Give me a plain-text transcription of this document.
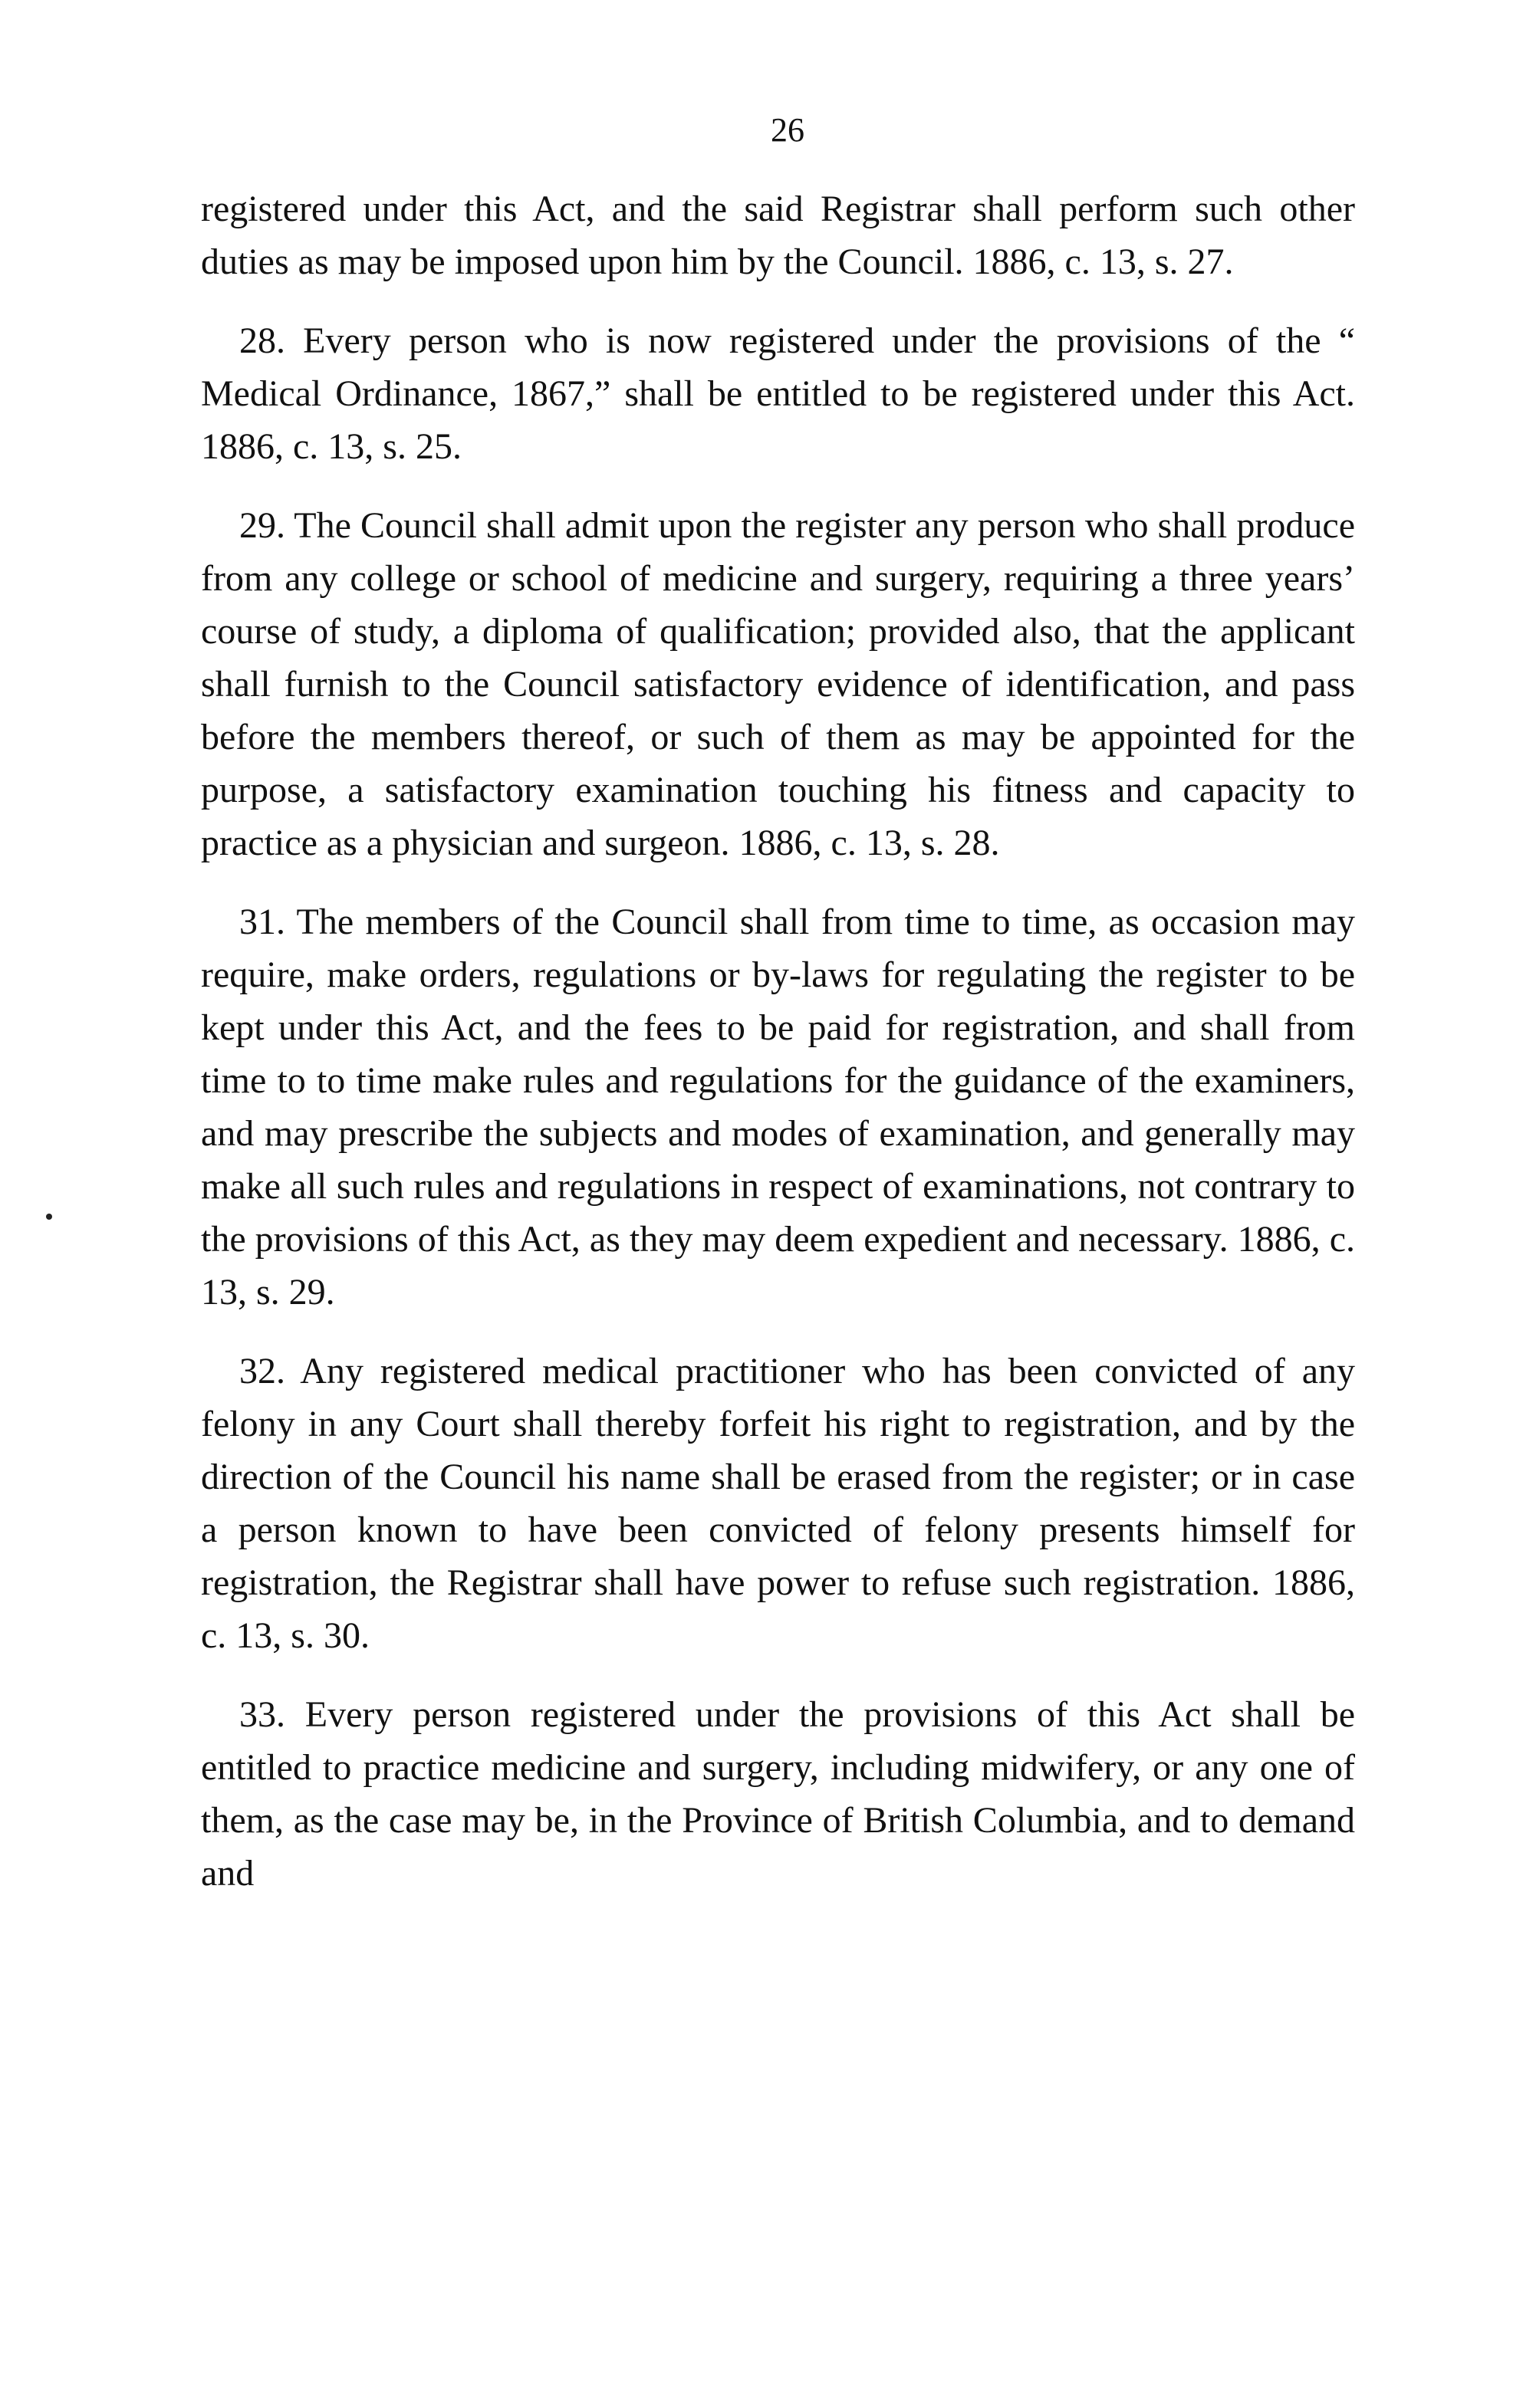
26

registered under this Act, and the said Registrar shall perform such other duties as may be imposed upon him by the Council. 1886, c. 13, s. 27.

28. Every person who is now registered under the provisions of the “ Medical Ordinance, 1867,” shall be entitled to be registered under this Act. 1886, c. 13, s. 25.

29. The Council shall admit upon the register any person who shall produce from any college or school of medicine and surgery, requiring a three years’ course of study, a diploma of qualification; provided also, that the applicant shall furnish to the Council satisfactory evidence of identification, and pass before the members thereof, or such of them as may be appointed for the purpose, a satisfactory examination touching his fitness and capacity to practice as a physician and surgeon. 1886, c. 13, s. 28.

31. The members of the Council shall from time to time, as occasion may require, make orders, regulations or by-laws for regulating the register to be kept under this Act, and the fees to be paid for registration, and shall from time to to time make rules and regulations for the guidance of the examiners, and may prescribe the subjects and modes of examination, and generally may make all such rules and regulations in respect of examinations, not contrary to the provisions of this Act, as they may deem expedient and necessary. 1886, c. 13, s. 29.

32. Any registered medical practitioner who has been convicted of any felony in any Court shall thereby forfeit his right to registration, and by the direction of the Council his name shall be erased from the register; or in case a person known to have been convicted of felony presents himself for registration, the Registrar shall have power to refuse such registration. 1886, c. 13, s. 30.

33. Every person registered under the provisions of this Act shall be entitled to practice medicine and surgery, including midwifery, or any one of them, as the case may be, in the Province of British Columbia, and to demand and
